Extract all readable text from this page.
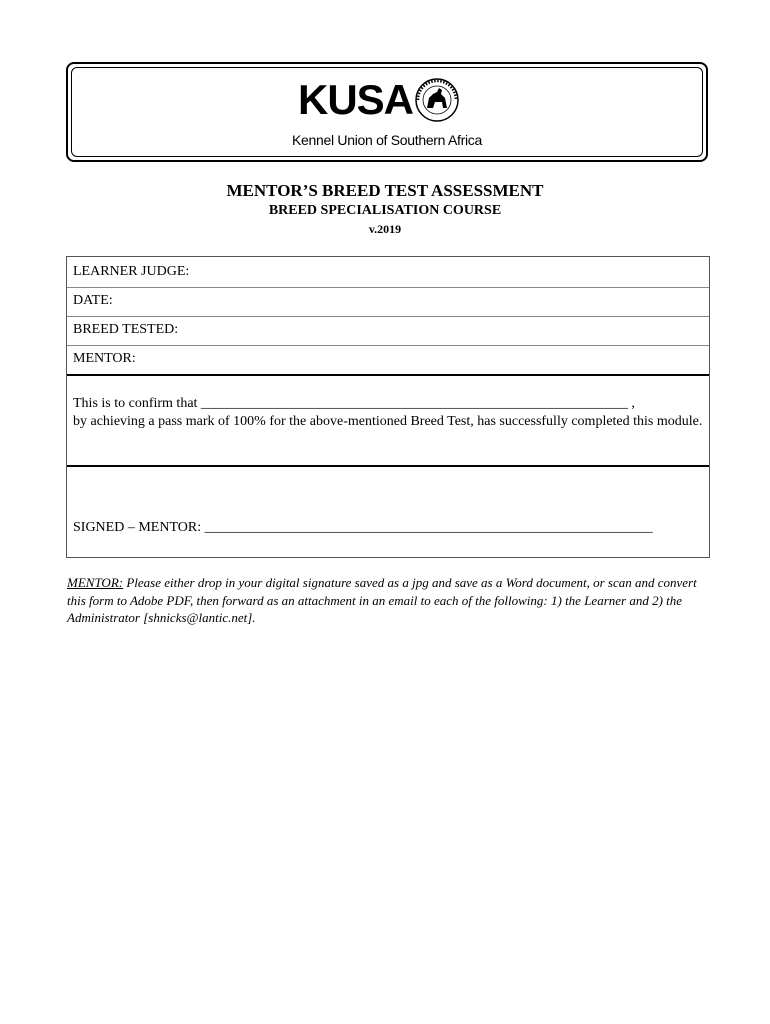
KUSA
Kennel Union of Southern Africa
MENTOR’S BREED TEST ASSESSMENT
BREED SPECIALISATION COURSE
v.2019
LEARNER JUDGE:
DATE:
BREED TESTED:
MENTOR:
This is to confirm that _____________________________________________________________ ,
by achieving a pass mark of 100% for the above-mentioned Breed Test, has successfully completed this module.
SIGNED – MENTOR: ________________________________________________________________
MENTOR: Please either drop in your digital signature saved as a jpg and save as a Word document, or scan and convert this form to Adobe PDF, then forward as an attachment in an email to each of the following: 1) the Learner and 2) the Administrator [shnicks@lantic.net].
